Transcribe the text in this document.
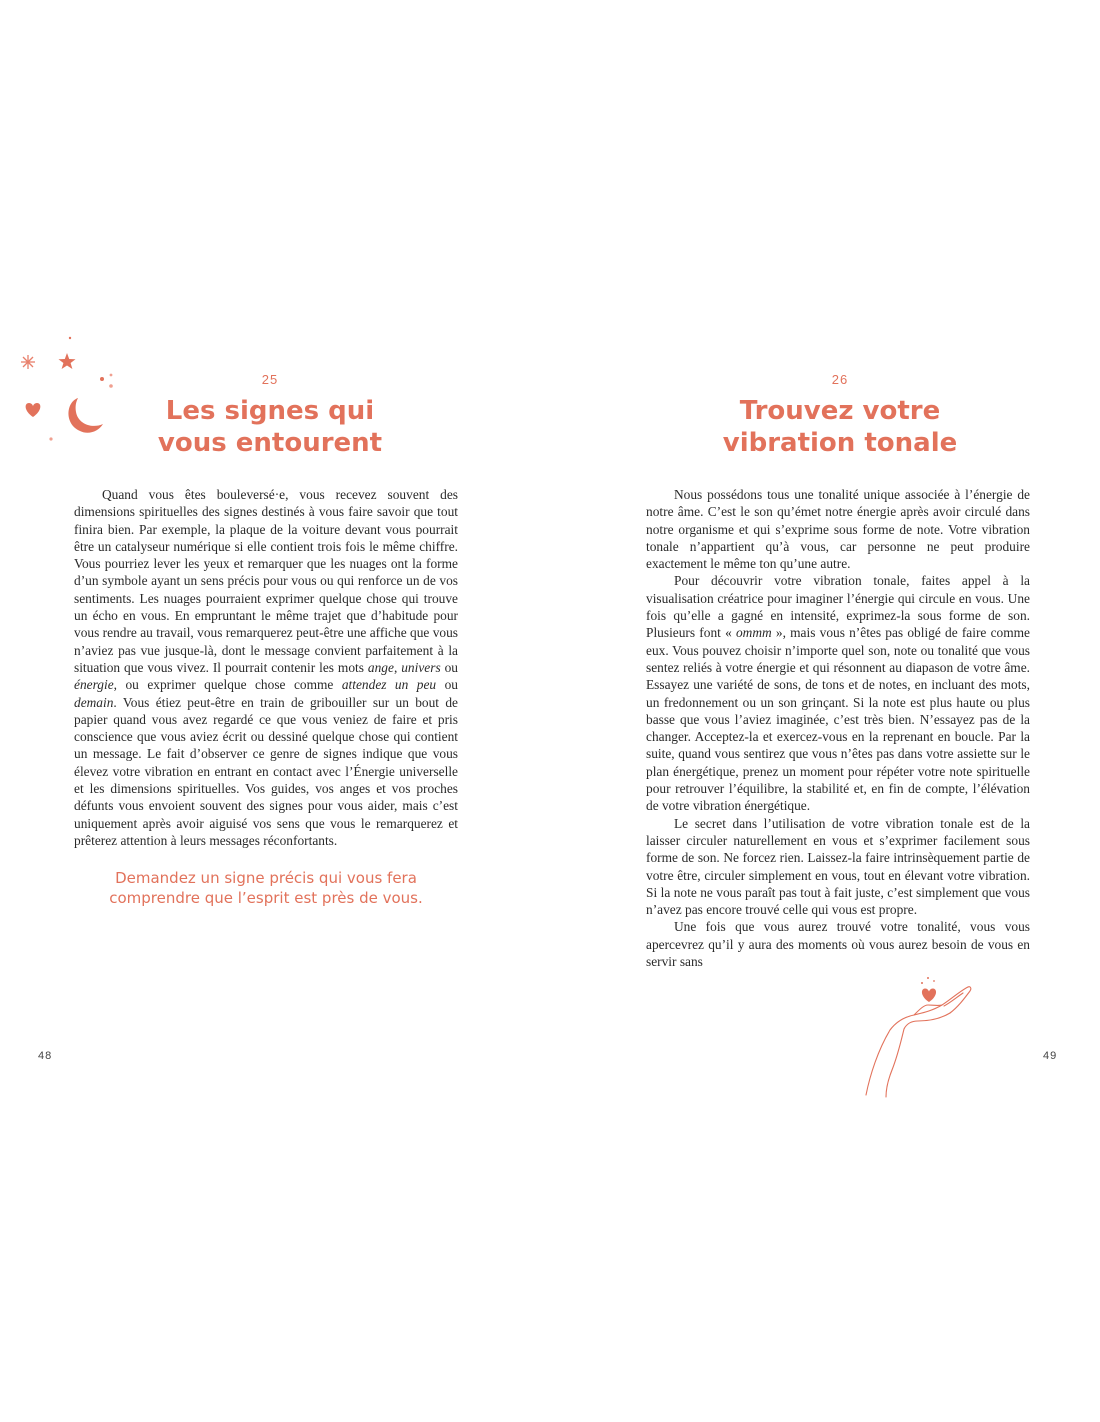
25
Les signes qui
vous entourent

Quand vous êtes bouleversé·e, vous recevez souvent des dimensions spirituelles des signes destinés à vous faire savoir que tout finira bien. Par exemple, la plaque de la voiture devant vous pourrait être un catalyseur numérique si elle contient trois fois le même chiffre. Vous pourriez lever les yeux et remarquer que les nuages ont la forme d’un symbole ayant un sens précis pour vous ou qui renforce un de vos sentiments. Les nuages pourraient exprimer quelque chose qui trouve un écho en vous. En empruntant le même trajet que d’habitude pour vous rendre au travail, vous remarquerez peut-être une affiche que vous n’aviez pas vue jusque-là, dont le message convient parfaitement à la situation que vous vivez. Il pourrait contenir les mots ange, univers ou énergie, ou exprimer quelque chose comme attendez un peu ou demain. Vous étiez peut-être en train de gribouiller sur un bout de papier quand vous avez regardé ce que vous veniez de faire et pris conscience que vous aviez écrit ou dessiné quelque chose qui contient un message. Le fait d’observer ce genre de signes indique que vous élevez votre vibration en entrant en contact avec l’Énergie universelle et les dimensions spirituelles. Vos guides, vos anges et vos proches défunts vous envoient souvent des signes pour vous aider, mais c’est uniquement après avoir aiguisé vos sens que vous le remarquerez et prêterez attention à leurs messages réconfortants.

Demandez un signe précis qui vous fera
comprendre que l’esprit est près de vous.
48
26
Trouvez votre
vibration tonale

Nous possédons tous une tonalité unique associée à l’énergie de notre âme. C’est le son qu’émet notre énergie après avoir circulé dans notre organisme et qui s’exprime sous forme de note. Votre vibration tonale n’appartient qu’à vous, car personne ne peut produire exactement le même ton qu’une autre.

Pour découvrir votre vibration tonale, faites appel à la visualisation créatrice pour imaginer l’énergie qui circule en vous. Une fois qu’elle a gagné en intensité, exprimez-la sous forme de son. Plusieurs font « ommm », mais vous n’êtes pas obligé de faire comme eux. Vous pouvez choisir n’importe quel son, note ou tonalité que vous sentez reliés à votre énergie et qui résonnent au diapason de votre âme. Essayez une variété de sons, de tons et de notes, en incluant des mots, un fredonnement ou un son grinçant. Si la note est plus haute ou plus basse que vous l’aviez imaginée, c’est très bien. N’essayez pas de la changer. Acceptez-la et exercez-vous en la reprenant en boucle. Par la suite, quand vous sentirez que vous n’êtes pas dans votre assiette sur le plan énergétique, prenez un moment pour répéter votre note spirituelle pour retrouver l’équilibre, la stabilité et, en fin de compte, l’élévation de votre vibration énergétique.

Le secret dans l’utilisation de votre vibration tonale est de la laisser circuler naturellement en vous et s’exprimer facilement sous forme de son. Ne forcez rien. Laissez-la faire intrinsèquement partie de votre être, circuler simplement en vous, tout en élevant votre vibration. Si la note ne vous paraît pas tout à fait juste, c’est simplement que vous n’avez pas encore trouvé celle qui vous est propre.

Une fois que vous aurez trouvé votre tonalité, vous vous apercevrez qu’il y aura des moments où vous aurez besoin de vous en servir sans

49
